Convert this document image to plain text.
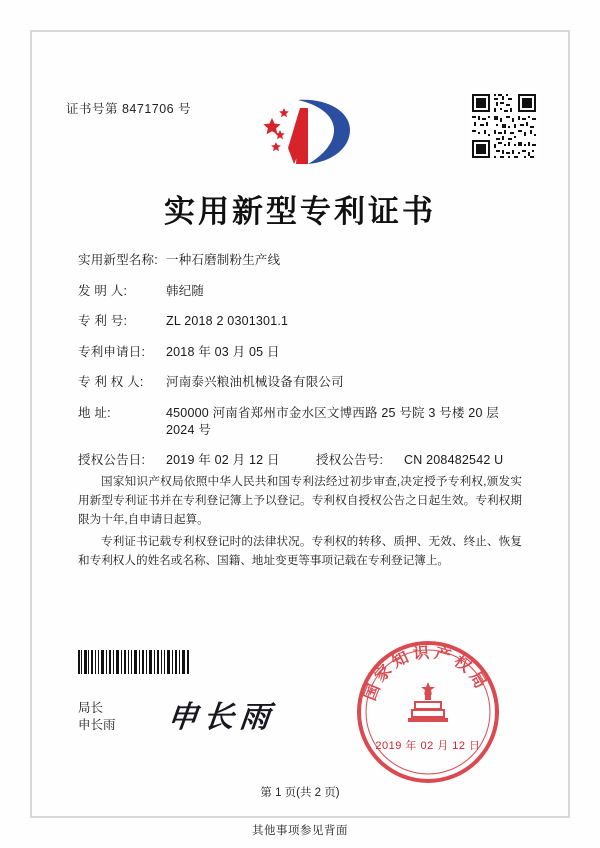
证书号第 8471706 号
实用新型专利证书
实用新型名称: 一种石磨制粉生产线
发 明 人:	韩纪随
专 利 号:	ZL 2018 2 0301301.1
专利申请日:	2018 年 03 月 05 日
专 利 权 人:	河南泰兴粮油机械设备有限公司
地 址:	450000 河南省郑州市金水区文博西路 25 号院 3 号楼 20 层 2024 号
授权公告日:	2019 年 02 月 12 日	授权公告号:	CN 208482542 U

国家知识产权局依照中华人民共和国专利法经过初步审查,决定授予专利权,颁发实用新型专利证书并在专利登记簿上予以登记。专利权自授权公告之日起生效。专利权期限为十年,自申请日起算。

专利证书记载专利权登记时的法律状况。专利权的转移、质押、无效、终止、恢复和专利权人的姓名或名称、国籍、地址变更等事项记载在专利登记簿上。

局长
申长雨 申长雨
国家知识产权局
2019 年 02 月 12 日
第 1 页(共 2 页)
其他事项参见背面
